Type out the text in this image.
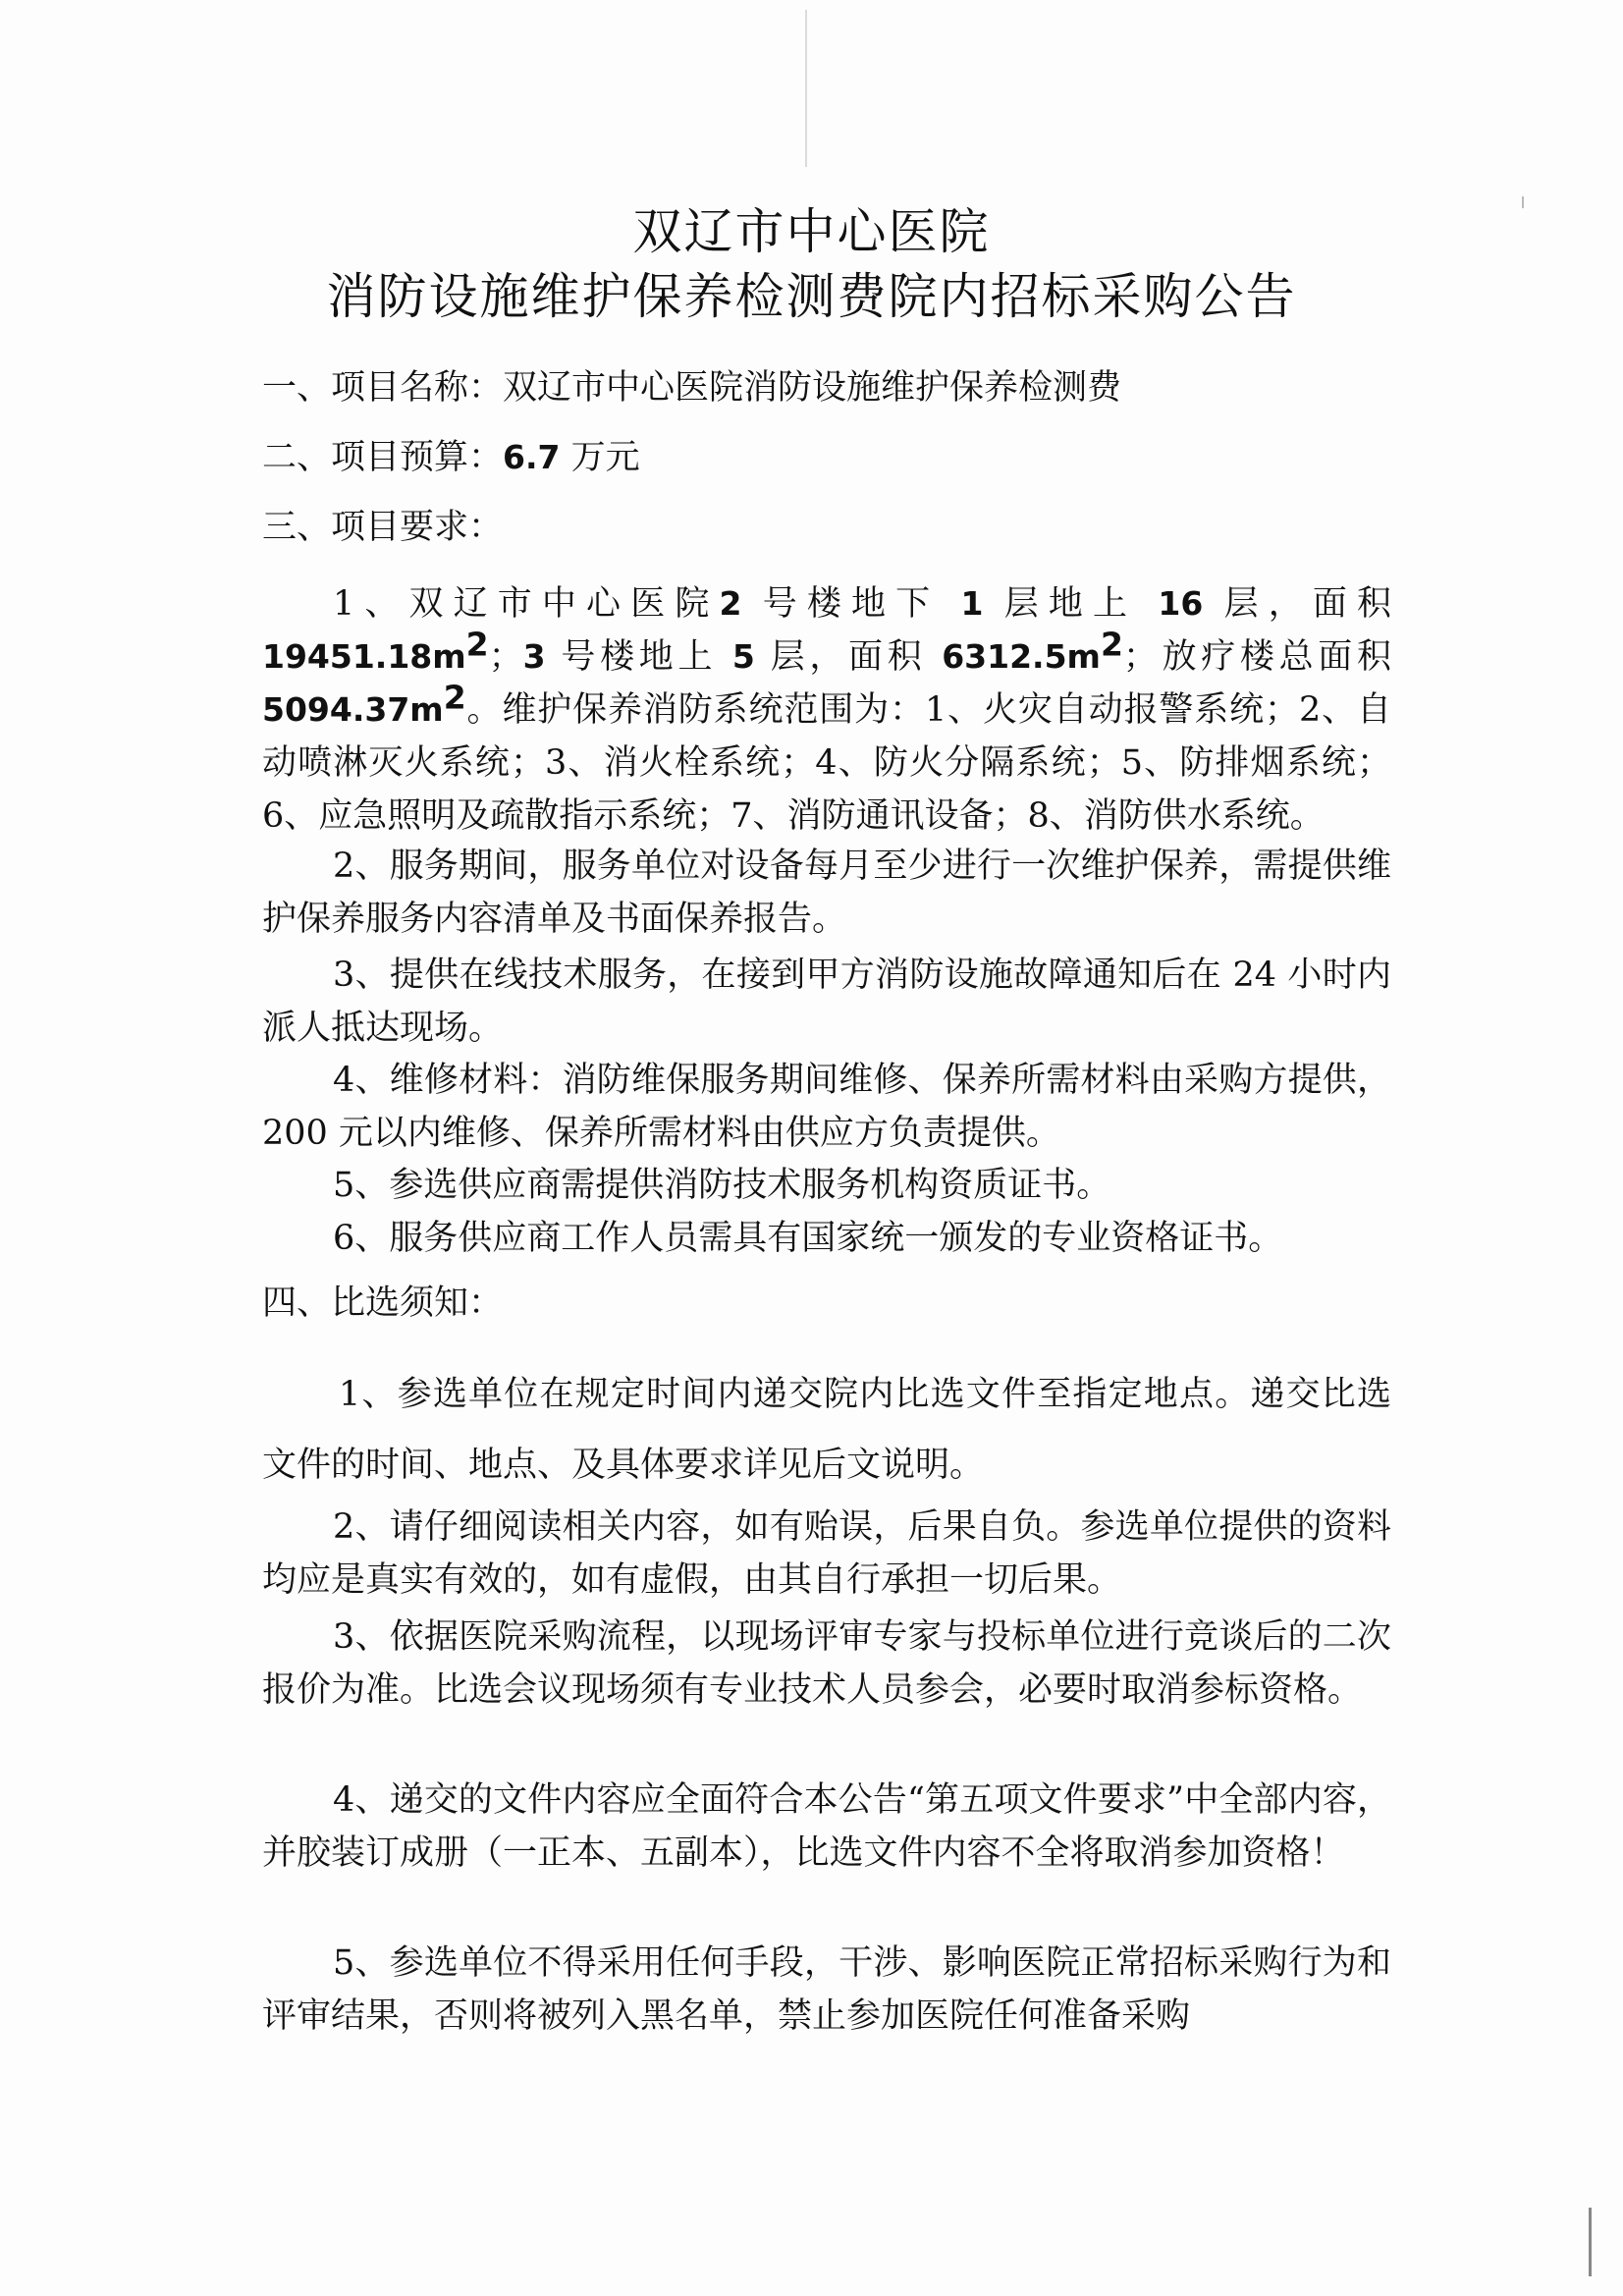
双辽市中心医院
消防设施维护保养检测费院内招标采购公告
一、项目名称：双辽市中心医院消防设施维护保养检测费
二、项目预算：6.7 万元
三、项目要求：
1、双辽市中心医院2 号楼地下 1 层地上 16 层，面积 $19451.18m^2$；3 号楼地上 5 层，面积 $6312.5m^2$；放疗楼总面积 $5094.37m^2$。维护保养消防系统范围为：1、火灾自动报警系统；2、自动喷淋灭火系统；3、消火栓系统；4、防火分隔系统；5、防排烟系统；6、应急照明及疏散指示系统；7、消防通讯设备；8、消防供水系统。
2、服务期间，服务单位对设备每月至少进行一次维护保养，需提供维护保养服务内容清单及书面保养报告。
3、提供在线技术服务，在接到甲方消防设施故障通知后在 24 小时内派人抵达现场。
4、维修材料：消防维保服务期间维修、保养所需材料由采购方提供，200 元以内维修、保养所需材料由供应方负责提供。
5、参选供应商需提供消防技术服务机构资质证书。
6、服务供应商工作人员需具有国家统一颁发的专业资格证书。
四、比选须知：
1、参选单位在规定时间内递交院内比选文件至指定地点。递交比选文件的时间、地点、及具体要求详见后文说明。
2、请仔细阅读相关内容，如有贻误，后果自负。参选单位提供的资料均应是真实有效的，如有虚假，由其自行承担一切后果。
3、依据医院采购流程，以现场评审专家与投标单位进行竞谈后的二次报价为准。比选会议现场须有专业技术人员参会，必要时取消参标资格。
4、递交的文件内容应全面符合本公告“第五项文件要求”中全部内容，并胶装订成册（一正本、五副本），比选文件内容不全将取消参加资格！
5、参选单位不得采用任何手段，干涉、影响医院正常招标采购行为和评审结果，否则将被列入黑名单，禁止参加医院任何准备采购
